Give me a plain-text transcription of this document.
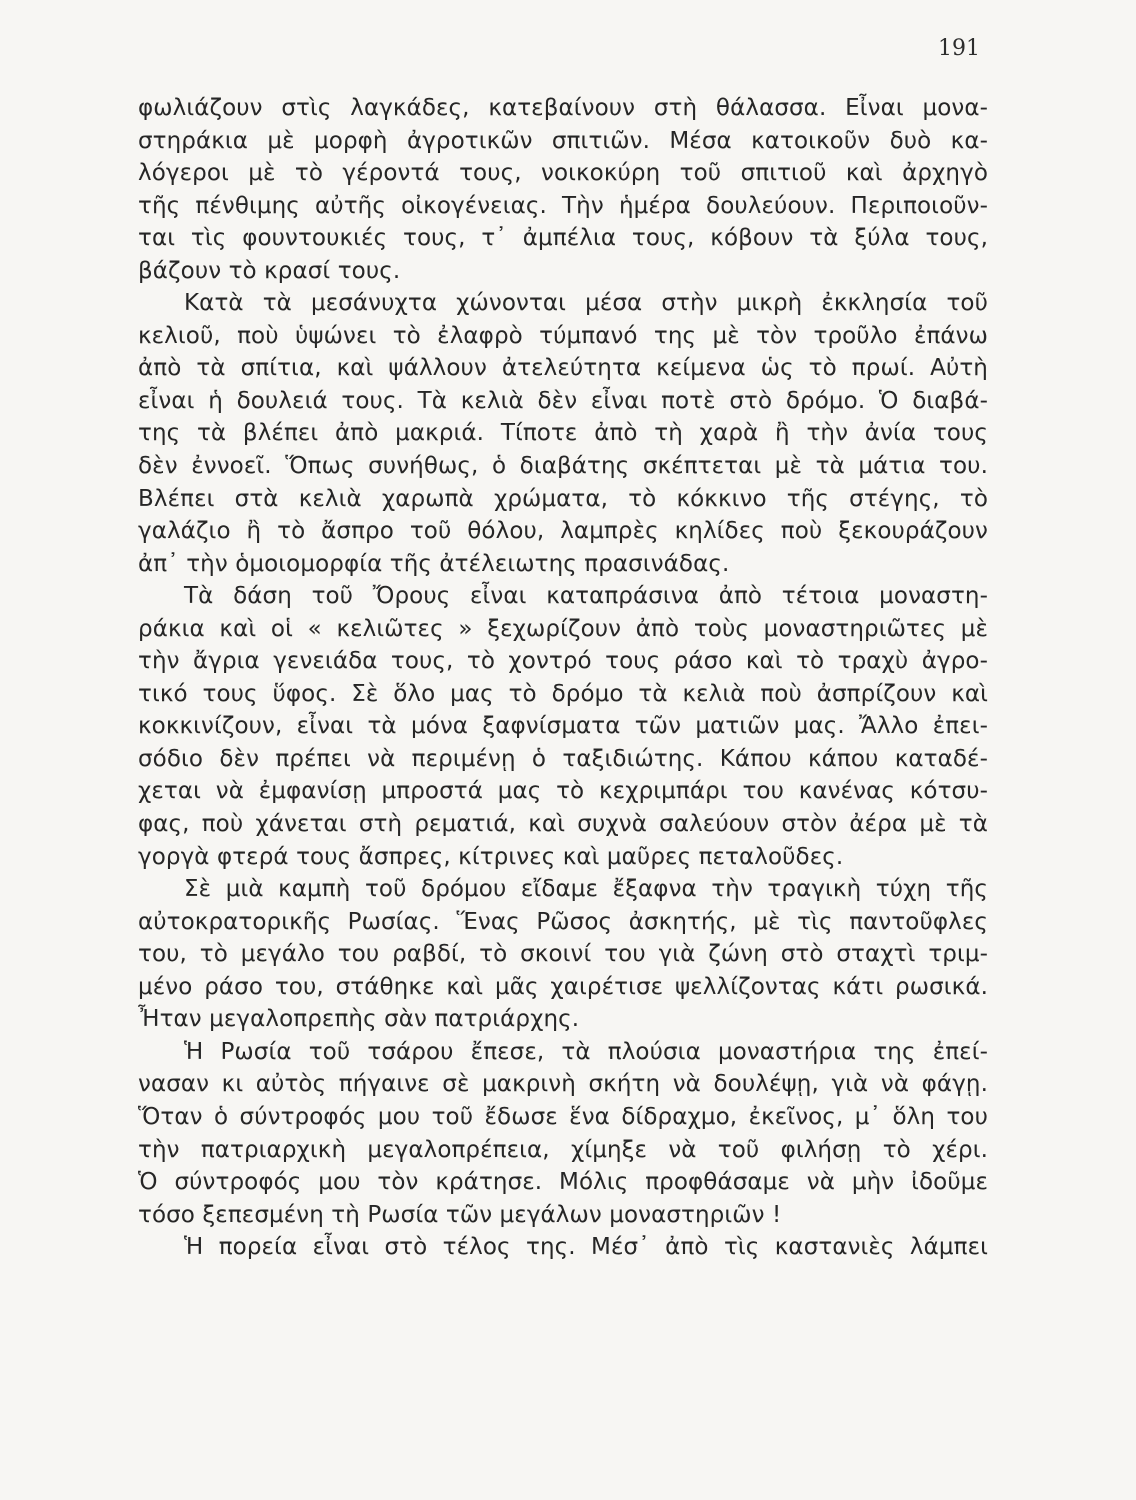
191
φωλιάζουν στὶς λαγκάδες, κατεβαίνουν στὴ θάλασσα. Εἶναι μονα-
στηράκια μὲ μορφὴ ἀγροτικῶν σπιτιῶν. Μέσα κατοικοῦν δυὸ κα-
λόγεροι μὲ τὸ γέροντά τους, νοικοκύρη τοῦ σπιτιοῦ καὶ ἀρχηγὸ
τῆς πένθιμης αὐτῆς οἰκογένειας. Τὴν ἡμέρα δουλεύουν. Περιποιοῦν-
ται τὶς φουντουκιές τους, τ᾿ ἀμπέλια τους, κόβουν τὰ ξύλα τους,
βάζουν τὸ κρασί τους.
Κατὰ τὰ μεσάνυχτα χώνονται μέσα στὴν μικρὴ ἐκκλησία τοῦ
κελιοῦ, ποὺ ὑψώνει τὸ ἐλαφρὸ τύμπανό της μὲ τὸν τροῦλο ἐπάνω
ἀπὸ τὰ σπίτια, καὶ ψάλλουν ἀτελεύτητα κείμενα ὡς τὸ πρωί. Αὐτὴ
εἶναι ἡ δουλειά τους. Τὰ κελιὰ δὲν εἶναι ποτὲ στὸ δρόμο. Ὁ διαβά-
της τὰ βλέπει ἀπὸ μακριά. Τίποτε ἀπὸ τὴ χαρὰ ἢ τὴν ἀνία τους
δὲν ἐννοεῖ. Ὅπως συνήθως, ὁ διαβάτης σκέπτεται μὲ τὰ μάτια του.
Βλέπει στὰ κελιὰ χαρωπὰ χρώματα, τὸ κόκκινο τῆς στέγης, τὸ
γαλάζιο ἢ τὸ ἄσπρο τοῦ θόλου, λαμπρὲς κηλίδες ποὺ ξεκουράζουν
ἀπ᾿ τὴν ὁμοιομορφία τῆς ἀτέλειωτης πρασινάδας.
Τὰ δάση τοῦ Ὄρους εἶναι καταπράσινα ἀπὸ τέτοια μοναστη-
ράκια καὶ οἱ « κελιῶτες » ξεχωρίζουν ἀπὸ τοὺς μοναστηριῶτες μὲ
τὴν ἄγρια γενειάδα τους, τὸ χοντρό τους ράσο καὶ τὸ τραχὺ ἀγρο-
τικό τους ὕφος. Σὲ ὅλο μας τὸ δρόμο τὰ κελιὰ ποὺ ἀσπρίζουν καὶ
κοκκινίζουν, εἶναι τὰ μόνα ξαφνίσματα τῶν ματιῶν μας. Ἄλλο ἐπει-
σόδιο δὲν πρέπει νὰ περιμένῃ ὁ ταξιδιώτης. Κάπου κάπου καταδέ-
χεται νὰ ἐμφανίσῃ μπροστά μας τὸ κεχριμπάρι του κανένας κότσυ-
φας, ποὺ χάνεται στὴ ρεματιά, καὶ συχνὰ σαλεύουν στὸν ἀέρα μὲ τὰ
γοργὰ φτερά τους ἄσπρες, κίτρινες καὶ μαῦρες πεταλοῦδες.
Σὲ μιὰ καμπὴ τοῦ δρόμου εἴδαμε ἔξαφνα τὴν τραγικὴ τύχη τῆς
αὐτοκρατορικῆς Ρωσίας. Ἕνας Ρῶσος ἀσκητής, μὲ τὶς παντοῦφλες
του, τὸ μεγάλο του ραβδί, τὸ σκοινί του γιὰ ζώνη στὸ σταχτὶ τριμ-
μένο ράσο του, στάθηκε καὶ μᾶς χαιρέτισε ψελλίζοντας κάτι ρωσικά.
Ἦταν μεγαλοπρεπὴς σὰν πατριάρχης.
Ἡ Ρωσία τοῦ τσάρου ἔπεσε, τὰ πλούσια μοναστήρια της ἐπεί-
νασαν κι αὐτὸς πήγαινε σὲ μακρινὴ σκήτη νὰ δουλέψῃ, γιὰ νὰ φάγῃ.
Ὅταν ὁ σύντροφός μου τοῦ ἔδωσε ἕνα δίδραχμο, ἐκεῖνος, μ᾿ ὅλη του
τὴν πατριαρχικὴ μεγαλοπρέπεια, χίμηξε νὰ τοῦ φιλήσῃ τὸ χέρι.
Ὁ σύντροφός μου τὸν κράτησε. Μόλις προφθάσαμε νὰ μὴν ἰδοῦμε
τόσο ξεπεσμένη τὴ Ρωσία τῶν μεγάλων μοναστηριῶν !
Ἡ πορεία εἶναι στὸ τέλος της. Μέσ᾿ ἀπὸ τὶς καστανιὲς λάμπει
